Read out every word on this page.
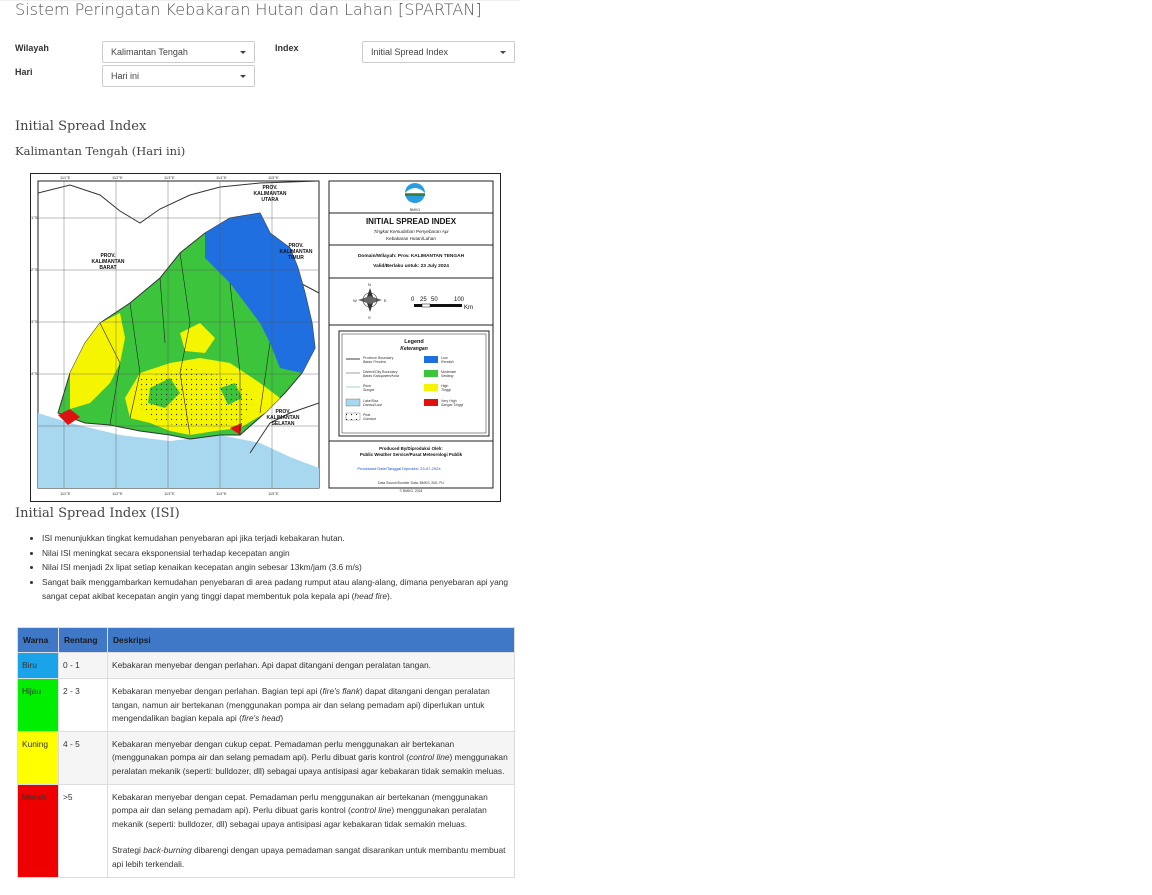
Sistem Peringatan Kebakaran Hutan dan Lahan [SPARTAN]
Wilayah	Kalimantan Tengah	Index	Initial Spread Index
Hari	Hari ini
Initial Spread Index
Kalimantan Tengah (Hari ini)
111°E	112°E	113°E	114°E	115°E
111°E	112°E	113°E	114°E	115°E
1°S
2°S
3°S
4°S
PROV.
KALIMANTAN
UTARA
PROV.
KALIMANTAN
BARAT
PROV.
KALIMANTAN
TIMUR
PROV.
KALIMANTAN
SELATAN
BMKG
INITIAL SPREAD INDEX
Tingkat Kemudahan Penyebaran Api
Kebakaran Hutan/Lahan
Domain/Wilayah: Prov. KALIMANTAN TENGAH
Valid/Berlaku untuk: 23 July 2024
N
S
W	E	0 25 50	100
Km
Legend
Keterangan
Province Boundary
Batas Provinsi
District/City Boundary
Batas Kabupaten/Kota
River
Sungai
Lake/Sea
Danau/Laut
Peat
Gambut
Low
Rendah
Moderate
Sedang
High
Tinggi
Very High
Sangat Tinggi
Produced By/Diproduksi Oleh:
Public Weather Service/Pusat Meteorologi Publik
Processed Date/Tanggal Diproses: 23-07-2024
Data Source/Sumber Data: BMKG, BIG, PU
© BMKG, 2024
Initial Spread Index (ISI)
• ISI menunjukkan tingkat kemudahan penyebaran api jika terjadi kebakaran hutan.
• Nilai ISI meningkat secara eksponensial terhadap kecepatan angin
• Nilai ISI menjadi 2x lipat setiap kenaikan kecepatan angin sebesar 13km/jam (3.6 m/s)
• Sangat baik menggambarkan kemudahan penyebaran di area padang rumput atau alang-alang, dimana penyebaran api yang sangat cepat akibat kecepatan angin yang tinggi dapat membentuk pola kepala api (head fire).
Warna	Rentang	Deskripsi
Biru	0 - 1	Kebakaran menyebar dengan perlahan. Api dapat ditangani dengan peralatan tangan.
Hijau	2 - 3	Kebakaran menyebar dengan perlahan. Bagian tepi api (fire's flank) dapat ditangani dengan peralatan tangan, namun air bertekanan (menggunakan pompa air dan selang pemadam api) diperlukan untuk mengendalikan bagian kepala api (fire's head)
Kuning	4 - 5	Kebakaran menyebar dengan cukup cepat. Pemadaman perlu menggunakan air bertekanan (menggunakan pompa air dan selang pemadam api). Perlu dibuat garis kontrol (control line) menggunakan peralatan mekanik (seperti: bulldozer, dll) sebagai upaya antisipasi agar kebakaran tidak semakin meluas.
Merah	>5	Kebakaran menyebar dengan cepat. Pemadaman perlu menggunakan air bertekanan (menggunakan pompa air dan selang pemadam api). Perlu dibuat garis kontrol (control line) menggunakan peralatan mekanik (seperti: bulldozer, dll) sebagai upaya antisipasi agar kebakaran tidak semakin meluas.

Strategi back-burning dibarengi dengan upaya pemadaman sangat disarankan untuk membantu membuat api lebih terkendali.
